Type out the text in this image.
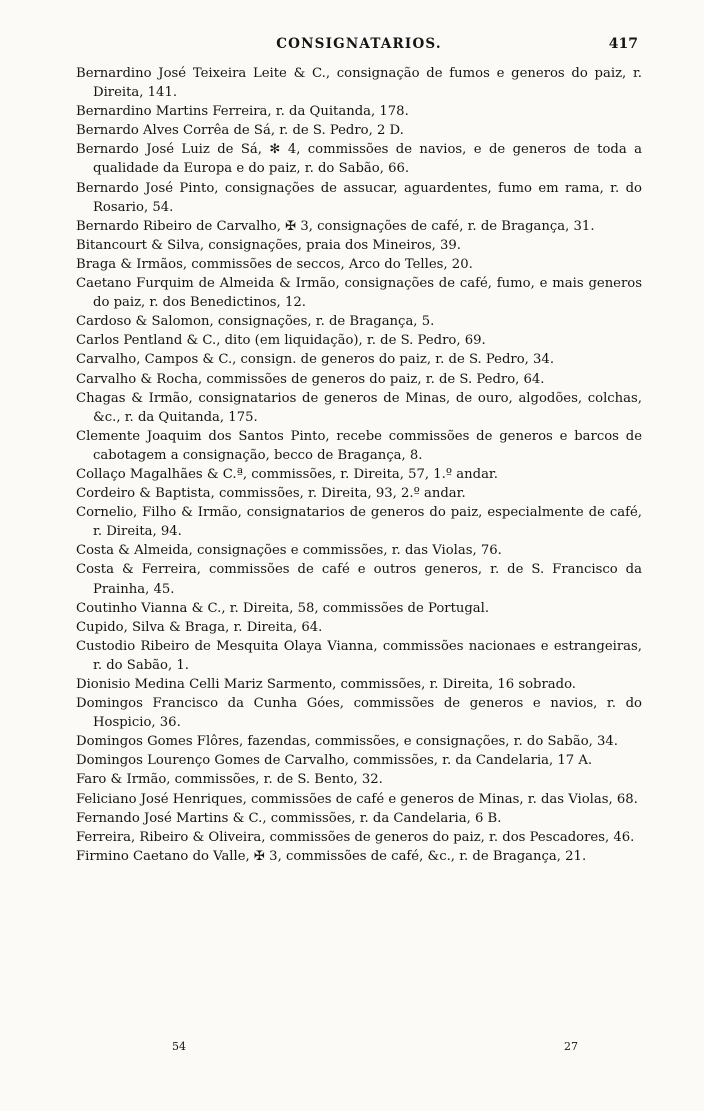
CONSIGNATARIOS.	417
Bernardino José Teixeira Leite & C., consignação de fumos e generos do paiz, r. Direita, 141.
Bernardino Martins Ferreira, r. da Quitanda, 178.
Bernardo Alves Corrêa de Sá, r. de S. Pedro, 2 D.
Bernardo José Luiz de Sá, ✻ 4, commissões de navios, e de generos de toda a qualidade da Europa e do paiz, r. do Sabão, 66.
Bernardo José Pinto, consignações de assucar, aguardentes, fumo em rama, r. do Rosario, 54.
Bernardo Ribeiro de Carvalho, ✠ 3, consignações de café, r. de Bragança, 31.
Bitancourt & Silva, consignações, praia dos Mineiros, 39.
Braga & Irmãos, commissões de seccos, Arco do Telles, 20.
Caetano Furquim de Almeida & Irmão, consignações de café, fumo, e mais generos do paiz, r. dos Benedictinos, 12.
Cardoso & Salomon, consignações, r. de Bragança, 5.
Carlos Pentland & C., dito (em liquidação), r. de S. Pedro, 69.
Carvalho, Campos & C., consign. de generos do paiz, r. de S. Pedro, 34.
Carvalho & Rocha, commissões de generos do paiz, r. de S. Pedro, 64.
Chagas & Irmão, consignatarios de generos de Minas, de ouro, algodões, colchas, &c., r. da Quitanda, 175.
Clemente Joaquim dos Santos Pinto, recebe commissões de generos e barcos de cabotagem a consignação, becco de Bragança, 8.
Collaço Magalhães & C.ª, commissões, r. Direita, 57, 1.º andar.
Cordeiro & Baptista, commissões, r. Direita, 93, 2.º andar.
Cornelio, Filho & Irmão, consignatarios de generos do paiz, especialmente de café, r. Direita, 94.
Costa & Almeida, consignações e commissões, r. das Violas, 76.
Costa & Ferreira, commissões de café e outros generos, r. de S. Francisco da Prainha, 45.
Coutinho Vianna & C., r. Direita, 58, commissões de Portugal.
Cupido, Silva & Braga, r. Direita, 64.
Custodio Ribeiro de Mesquita Olaya Vianna, commissões nacionaes e estrangeiras, r. do Sabão, 1.
Dionisio Medina Celli Mariz Sarmento, commissões, r. Direita, 16 sobrado.
Domingos Francisco da Cunha Góes, commissões de generos e navios, r. do Hospicio, 36.
Domingos Gomes Flôres, fazendas, commissões, e consignações, r. do Sabão, 34.
Domingos Lourenço Gomes de Carvalho, commissões, r. da Candelaria, 17 A.
Faro & Irmão, commissões, r. de S. Bento, 32.
Feliciano José Henriques, commissões de café e generos de Minas, r. das Violas, 68.
Fernando José Martins & C., commissões, r. da Candelaria, 6 B.
Ferreira, Ribeiro & Oliveira, commissões de generos do paiz, r. dos Pescadores, 46.
Firmino Caetano do Valle, ✠ 3, commissões de café, &c., r. de Bragança, 21.
54	27
